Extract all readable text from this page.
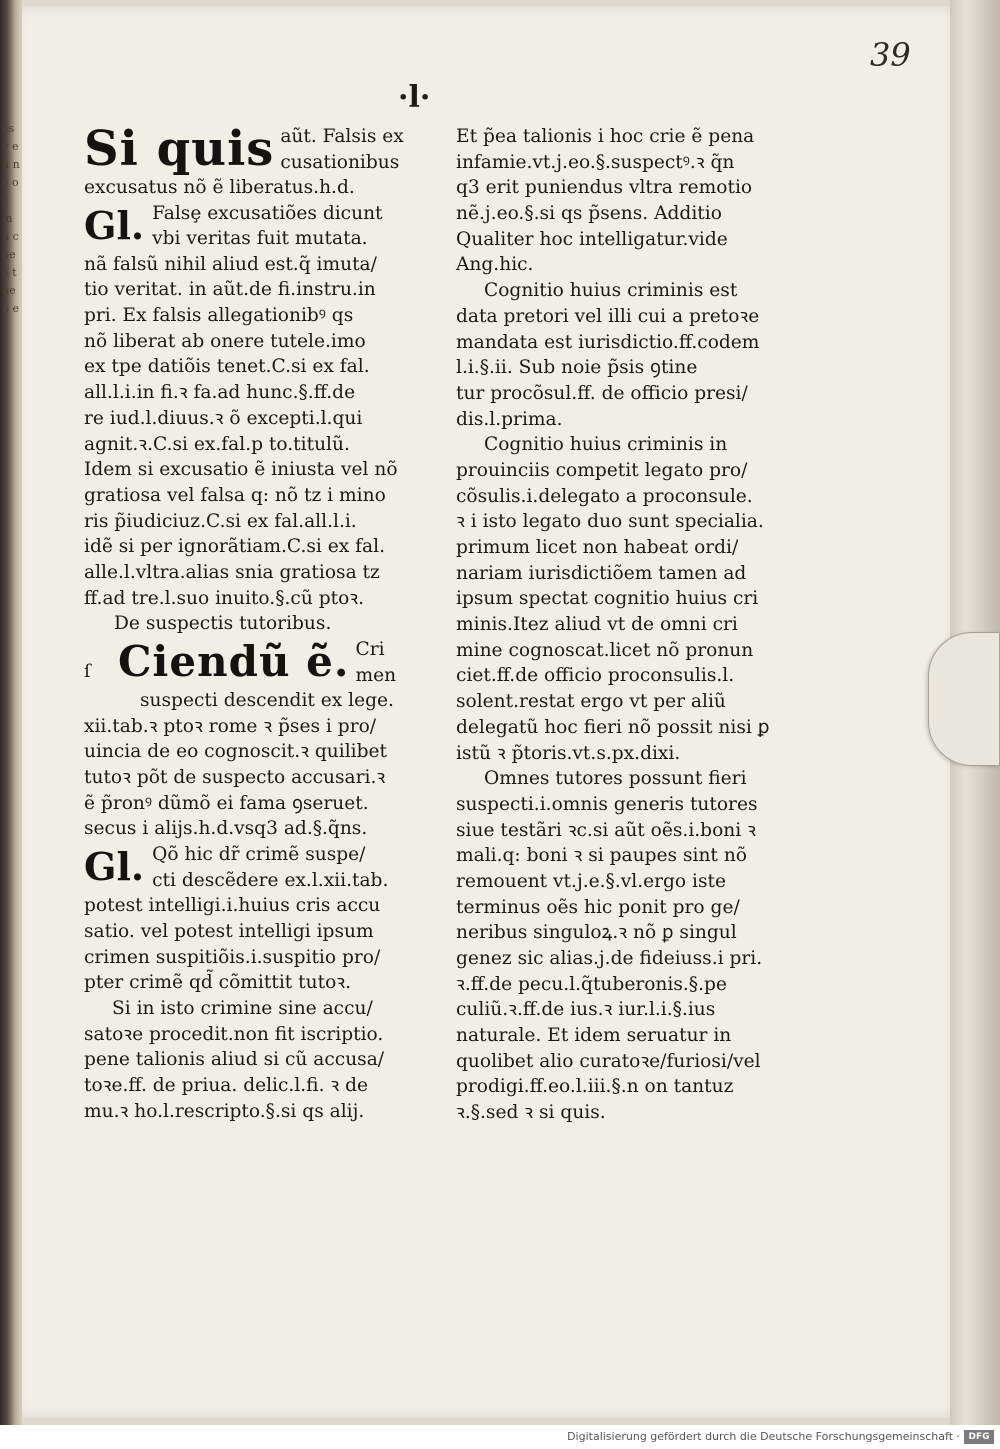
es e e n n e o c m n c ne o t ne b e
39
·l·
Si quis aũt. Falsis ex
cusationibus
excusatus nõ ẽ liberatus.h.d.
Gl. Falsȩ excusatiões dicunt
vbi veritas fuit mutata.
nã falsũ nihil aliud est.q̃ imuta/
tio veritat. in aũt.de fi.instru.in
pri. Ex falsis allegationibꝰ qs
nõ liberat ab onere tutele.imo
ex tpe datiõis tenet.C.si ex fal.
all.l.i.in fi.ꝛ fa.ad hunc.§.ff.de
re iud.l.diuus.ꝛ õ excepti.l.qui
agnit.ꝛ.C.si ex.fal.p to.titulũ.
Idem si excusatio ẽ iniusta vel nõ
gratiosa vel falsa q: nõ tz i mino
ris p̃iudiciuz.C.si ex fal.all.l.i.
idẽ si per ignorãtiam.C.si ex fal.
alle.l.vltra.alias snia gratiosa tz
ff.ad tre.l.suo inuito.§.cũ ptoꝛ.
De suspectis tutoribus.
ſ Ciendũ ẽ. Cri
men
suspecti descendit ex lege.
xii.tab.ꝛ ptoꝛ rome ꝛ p̃ses i pro/
uincia de eo cognoscit.ꝛ quilibet
tutoꝛ põt de suspecto accusari.ꝛ
ẽ p̃ronꝰ dũmõ ei fama ꝯseruet.
secus i alijs.h.d.vsq3 ad.§.q̃ns.
Gl. Qõ hic dr̃ crimẽ suspe/
cti descẽdere ex.l.xii.tab.
potest intelligi.i.huius cris accu
satio. vel potest intelligi ipsum
crimen suspitiõis.i.suspitio pro/
pter crimẽ qd̃ cõmittit tutoꝛ.
Si in isto crimine sine accu/
satoꝛe procedit.non fit iscriptio.
pene talionis aliud si cũ accusa/
toꝛe.ff. de priua. delic.l.fi. ꝛ de
mu.ꝛ ho.l.rescripto.§.si qs alij.
Et p̃ea talionis i hoc crie ẽ pena
infamie.vt.j.eo.§.suspectꝰ.ꝛ q̃n
q3 erit puniendus vltra remotio
nẽ.j.eo.§.si qs p̃sens. Additio
Qualiter hoc intelligatur.vide
Ang.hic.
Cognitio huius criminis est
data pretori vel illi cui a pretoꝛe
mandata est iurisdictio.ff.codem
l.i.§.ii. Sub noie p̃sis ꝯtine
tur procõsul.ff. de officio presi/
dis.l.prima.
Cognitio huius criminis in
prouinciis competit legato pro/
cõsulis.i.delegato a proconsule.
ꝛ i isto legato duo sunt specialia.
primum licet non habeat ordi/
nariam iurisdictiõem tamen ad
ipsum spectat cognitio huius cri
minis.Itez aliud vt de omni cri
mine cognoscat.licet nõ pronun
ciet.ff.de officio proconsulis.l.
solent.restat ergo vt per aliũ
delegatũ hoc fieri nõ possit nisi ꝑ
istũ ꝛ p̃toris.vt.s.px.dixi.
Omnes tutores possunt fieri
suspecti.i.omnis generis tutores
siue testãri ꝛc.si aũt oẽs.i.boni ꝛ
mali.q: boni ꝛ si paupes sint nõ
remouent vt.j.e.§.vl.ergo iste
terminus oẽs hic ponit pro ge/
neribus singuloꝝ.ꝛ nõ ꝑ singul
genez sic alias.j.de fideiuss.i pri.
ꝛ.ff.de pecu.l.q̃tuberonis.§.pe
culiũ.ꝛ.ff.de ius.ꝛ iur.l.i.§.ius
naturale. Et idem seruatur in
quolibet alio curatoꝛe/furiosi/vel
prodigi.ff.eo.l.iii.§.n on tantuz
ꝛ.§.sed ꝛ si quis.
Digitalisierung gefördert durch die Deutsche Forschungsgemeinschaft · DFG
